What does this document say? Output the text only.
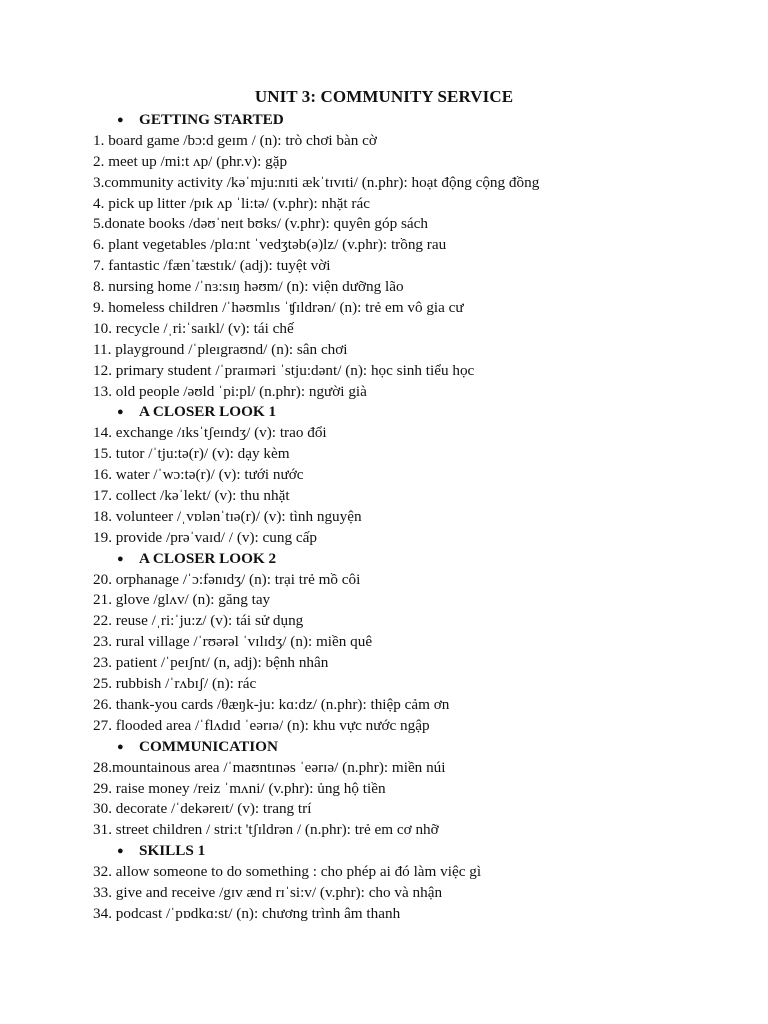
UNIT 3: COMMUNITY SERVICE
●	GETTING STARTED
1. board game /bɔ:d geɪm / (n): trò chơi bàn cờ
2. meet up /mi:t ʌp/ (phr.v): gặp
3.community activity /kəˈmju:nɪti ækˈtɪvɪti/ (n.phr): hoạt động cộng đồng
4. pick up litter /pɪk ʌp ˈli:tə/ (v.phr): nhặt rác
5.donate books /dəʊˈneɪt bʊks/ (v.phr): quyên góp sách
6. plant vegetables /plɑ:nt ˈvedʒtəb(ə)lz/ (v.phr): trồng rau
7. fantastic /fænˈtæstɪk/ (adj): tuyệt vời
8. nursing home /ˈnɜ:sɪŋ həʊm/ (n): viện dưỡng lão
9. homeless children /ˈhəʊmlɪs ˈʧɪldrən/ (n): trẻ em vô gia cư
10. recycle /ˌri:ˈsaɪkl/ (v): tái chế
11. playground /ˈpleɪgraʊnd/ (n): sân chơi
12. primary student /ˈpraɪməri ˈstju:dənt/ (n): học sinh tiểu học
13. old people /əʊld ˈpi:pl/ (n.phr): người già
●	A CLOSER LOOK 1
14. exchange /ɪksˈtʃeɪndʒ/ (v): trao đổi
15. tutor /ˈtju:tə(r)/ (v): dạy kèm
16. water /ˈwɔ:tə(r)/ (v): tưới nước
17. collect /kəˈlekt/ (v): thu nhặt
18. volunteer /ˌvɒlənˈtɪə(r)/ (v): tình nguyện
19. provide /prəˈvaɪd/ / (v): cung cấp
●	A CLOSER LOOK 2
20. orphanage /ˈɔ:fənɪdʒ/ (n): trại trẻ mồ côi
21. glove /glʌv/ (n): găng tay
22. reuse /ˌri:ˈju:z/ (v): tái sử dụng
23. rural village /ˈrʊərəl ˈvɪlɪdʒ/ (n): miền quê
23. patient /ˈpeɪʃnt/ (n, adj): bệnh nhân
25. rubbish /ˈrʌbɪʃ/ (n): rác
26. thank-you cards /θæŋk-ju: kɑ:dz/ (n.phr): thiệp cảm ơn
27. flooded area /ˈflʌdɪd ˈeərɪə/ (n): khu vực nước ngập
●	COMMUNICATION
28.mountainous area /ˈmaʊntɪnəs ˈeərɪə/ (n.phr): miền núi
29. raise money /reiz ˈmʌni/ (v.phr): ủng hộ tiền
30. decorate /ˈdekəreɪt/ (v): trang trí
31. street children / stri:t 'tʃɪldrən / (n.phr): trẻ em cơ nhỡ
●	SKILLS 1
32. allow someone to do something : cho phép ai đó làm việc gì
33. give and receive /gɪv ænd rɪˈsi:v/ (v.phr): cho và nhận
34. podcast /ˈpɒdkɑ:st/ (n): chương trình âm thanh
